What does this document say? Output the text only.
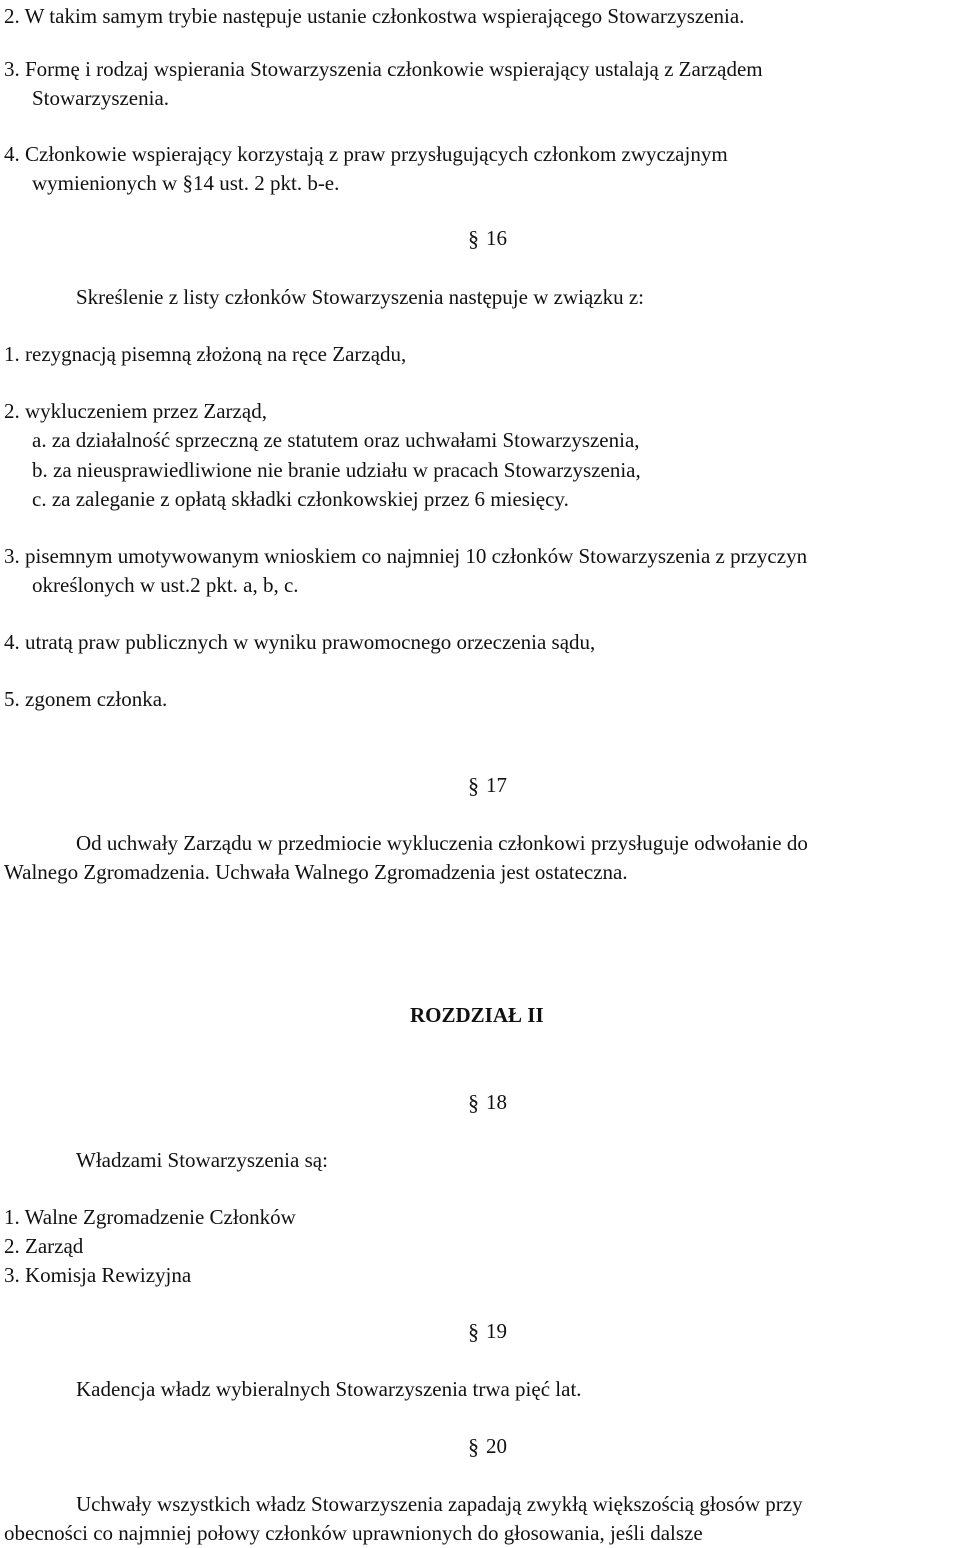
2. W takim samym trybie następuje ustanie członkostwa wspierającego Stowarzyszenia.
3. Formę i rodzaj wspierania Stowarzyszenia członkowie wspierający ustalają z Zarządem
Stowarzyszenia.
4. Członkowie wspierający korzystają z praw przysługujących członkom zwyczajnym
wymienionych w §14 ust. 2 pkt. b-e.
§ 16
Skreślenie z listy członków Stowarzyszenia następuje w związku z:
1. rezygnacją pisemną złożoną na ręce Zarządu,
2. wykluczeniem przez Zarząd,
a. za działalność sprzeczną ze statutem oraz uchwałami Stowarzyszenia,
b. za nieusprawiedliwione nie branie udziału w pracach Stowarzyszenia,
c. za zaleganie z opłatą składki członkowskiej przez 6 miesięcy.
3. pisemnym umotywowanym wnioskiem co najmniej 10 członków Stowarzyszenia z przyczyn
określonych w ust.2 pkt. a, b, c.
4. utratą praw publicznych w wyniku prawomocnego orzeczenia sądu,
5. zgonem członka.
§ 17
Od uchwały Zarządu w przedmiocie wykluczenia członkowi przysługuje odwołanie do
Walnego Zgromadzenia. Uchwała Walnego Zgromadzenia jest ostateczna.
ROZDZIAŁ II
§ 18
Władzami Stowarzyszenia są:
1. Walne Zgromadzenie Członków
2. Zarząd
3. Komisja Rewizyjna
§ 19
Kadencja władz wybieralnych Stowarzyszenia trwa pięć lat.
§ 20
Uchwały wszystkich władz Stowarzyszenia zapadają zwykłą większością głosów przy
obecności co najmniej połowy członków uprawnionych do głosowania, jeśli dalsze
